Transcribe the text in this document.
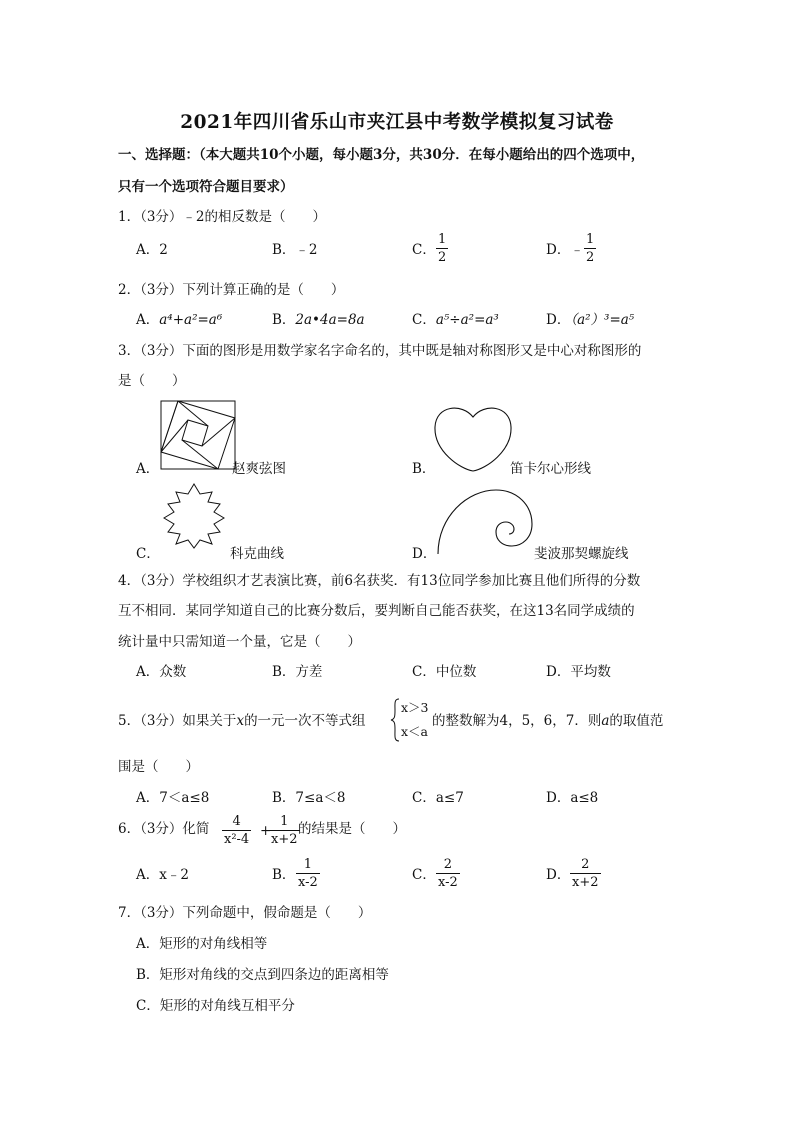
2021年四川省乐山市夹江县中考数学模拟复习试卷
一、选择题：（本大题共10个小题，每小题3分，共30分．在每小题给出的四个选项中，
只有一个选项符合题目要求）
1．（3分）﹣2的相反数是（　　）
A．2	B．﹣2	C． $\frac{1}{2}$	D．﹣ $\frac{1}{2}$
2．（3分）下列计算正确的是（　　）
A．a⁴+a²=a⁶	B．2a•4a=8a	C．a⁵÷a²=a³	D．（a²）³=a⁵
3．（3分）下面的图形是用数学家名字命名的，其中既是轴对称图形又是中心对称图形的
是（　　）
A．	赵爽弦图	B．	笛卡尔心形线
C．	科克曲线	D．	斐波那契螺旋线
4．（3分）学校组织才艺表演比赛，前6名获奖．有13位同学参加比赛且他们所得的分数
互不相同．某同学知道自己的比赛分数后，要判断自己能否获奖，在这13名同学成绩的
统计量中只需知道一个量，它是（　　）
A．众数	B．方差	C．中位数	D．平均数
5．（3分）如果关于x的一元一次不等式组
x＞3
x＜a
的整数解为4，5，6，7．则a的取值范
围是（　　）
A．7＜a≤8	B．7≤a＜8	C．a≤7	D．a≤8
6．（3分）化简 $\frac{4}{\text{x²-4}}$ +
$\frac{1}{x+2}$
的结果是（　　）
A．x﹣2	B． $\frac{1}{x-2}$	C． $\frac{2}{x-2}$	D． $\frac{2}{x+2}$
7．（3分）下列命题中，假命题是（　　）
A．矩形的对角线相等
B．矩形对角线的交点到四条边的距离相等
C．矩形的对角线互相平分
